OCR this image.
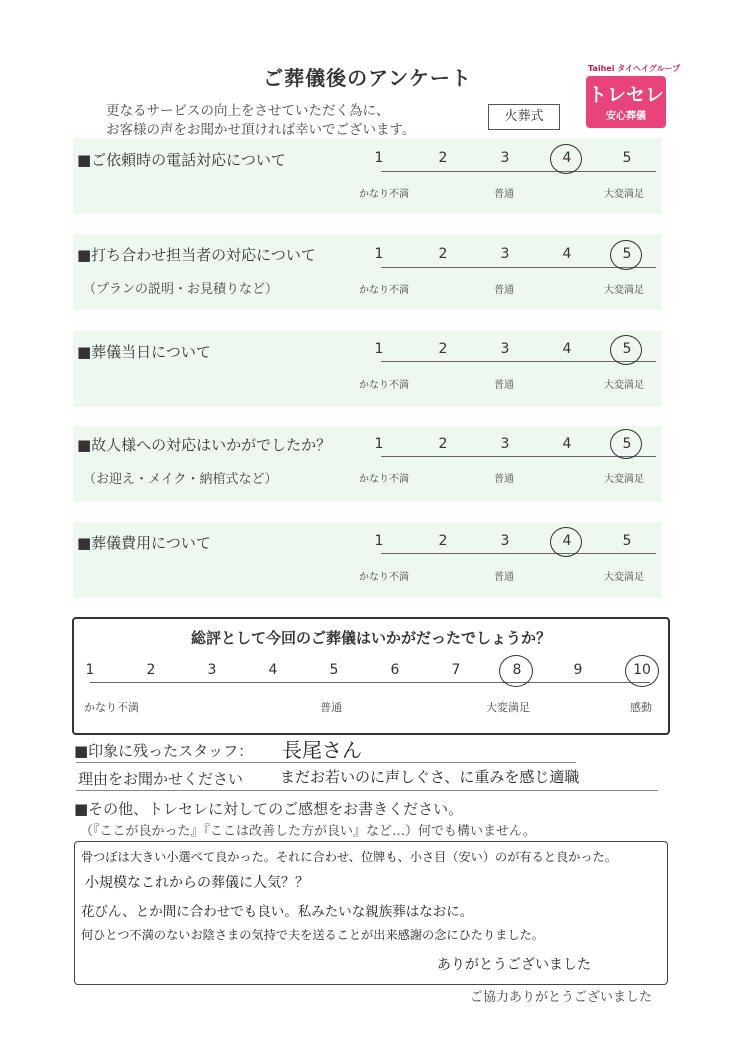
ご葬儀後のアンケート
更なるサービスの向上をさせていただく為に、
お客様の声をお聞かせ頂ければ幸いでございます。
火葬式
Taihei タイヘイグループ
トレセレ
安心葬儀
■ご依頼時の電話対応について	1	2	3	4	5
かなり不満	普通	大変満足
■打ち合わせ担当者の対応について
（プランの説明・お見積りなど）
1	2	3	4	5
かなり不満	普通	大変満足
■葬儀当日について	1	2	3	4	5
かなり不満	普通	大変満足
■故人様への対応はいかがでしたか？
（お迎え・メイク・納棺式など）
1	2	3	4	5
かなり不満	普通	大変満足
■葬儀費用について	1	2	3	4	5
かなり不満	普通	大変満足
総評として今回のご葬儀はいかがだったでしょうか？
1	2	3	4	5	6	7	8	9	10
かなり不満	普通	大変満足	感動
■印象に残ったスタッフ： 長尾さん
理由をお聞かせください まだお若いのに声しぐさ、に重みを感じ適職
■その他、トレセレに対してのご感想をお書きください。
（『ここが良かった』『ここは改善した方が良い』など…）何でも構いません。
骨つぼは大きい小選べて良かった。それに合わせ、位牌も、小さ目（安い）のが有ると良かった。
小規模なこれからの葬儀に人気？？
花びん、とか間に合わせでも良い。私みたいな親族葬はなおに。
何ひとつ不満のないお陰さまの気持で夫を送ることが出来感謝の念にひたりました。
ありがとうございました
ご協力ありがとうございました
